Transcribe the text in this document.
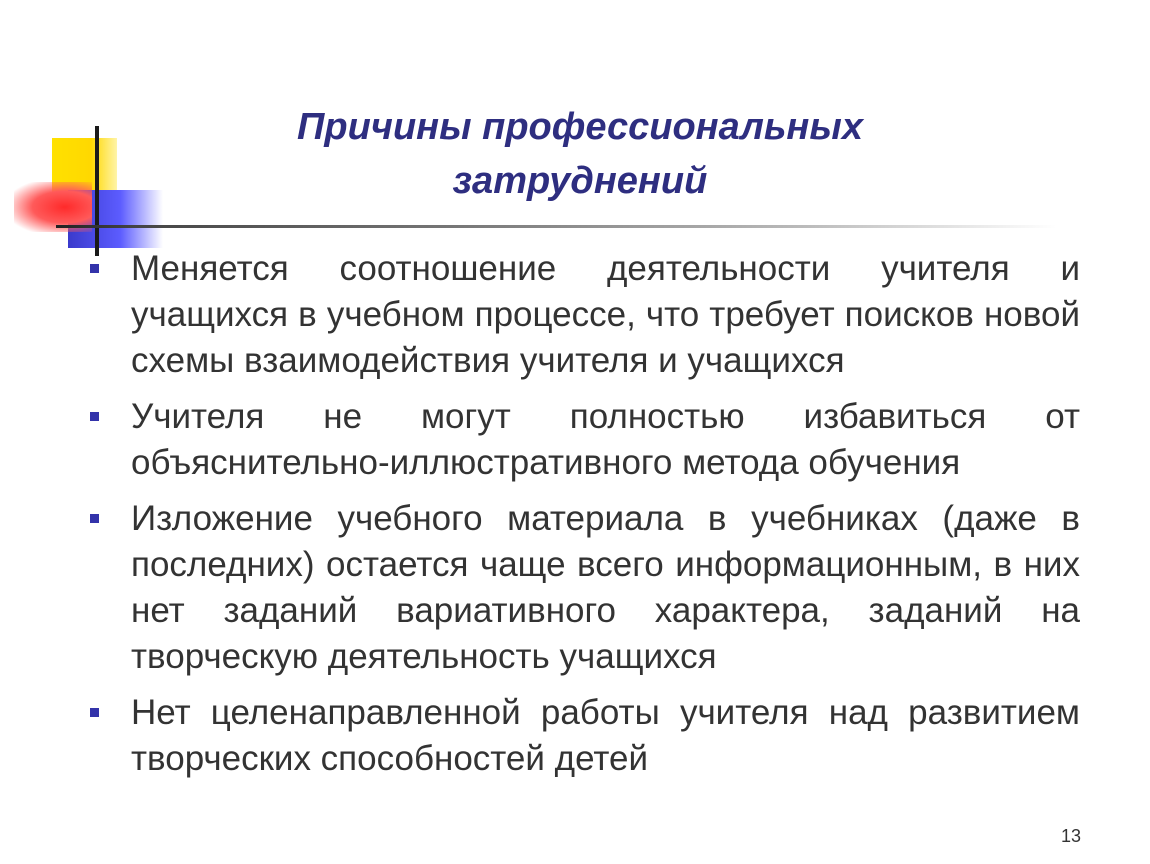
Причины профессиональных затруднений
Меняется соотношение деятельности учителя и учащихся в учебном процессе, что требует поисков новой схемы взаимодействия учителя и учащихся
Учителя не могут полностью избавиться от объяснительно-иллюстративного метода обучения
Изложение учебного материала в учебниках (даже в последних) остается чаще всего информационным, в них нет заданий вариативного характера, заданий на творческую деятельность учащихся
Нет целенаправленной работы учителя над развитием творческих способностей детей
13
